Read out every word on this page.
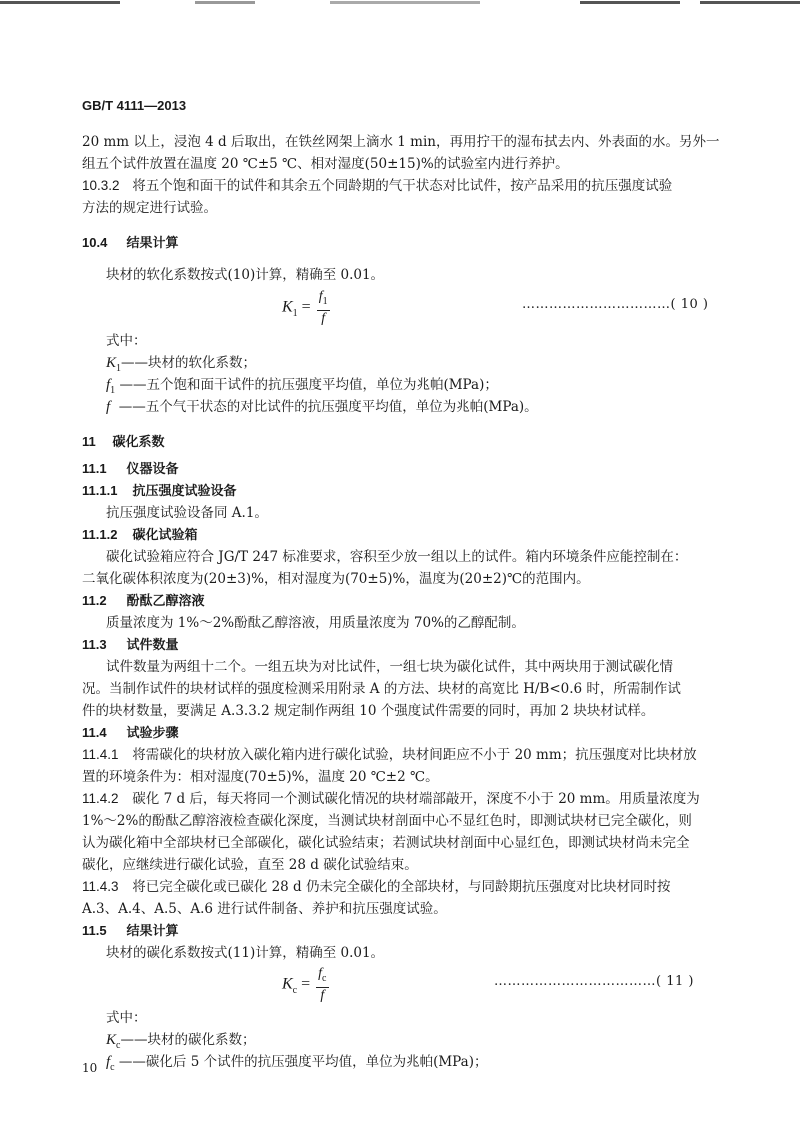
GB/T 4111—2013
20 mm 以上，浸泡 4 d 后取出，在铁丝网架上滴水 1 min，再用拧干的湿布拭去内、外表面的水。另外一
组五个试件放置在温度 20 ℃±5 ℃、相对湿度(50±15)%的试验室内进行养护。
10.3.2 将五个饱和面干的试件和其余五个同龄期的气干状态对比试件，按产品采用的抗压强度试验
方法的规定进行试验。
10.4 结果计算
块材的软化系数按式(10)计算，精确至 0.01。
$K_1 = \frac{f_1}{f}$	……………………………( 10 )
式中：
$K_1——$块材的软化系数；
$f_1$ ——五个饱和面干试件的抗压强度平均值，单位为兆帕(MPa)；
f  ——五个气干状态的对比试件的抗压强度平均值，单位为兆帕(MPa)。
11 碳化系数
11.1 仪器设备
11.1.1 抗压强度试验设备
抗压强度试验设备同 A.1。
11.1.2 碳化试验箱
碳化试验箱应符合 JG/T 247 标准要求，容积至少放一组以上的试件。箱内环境条件应能控制在：
二氧化碳体积浓度为(20±3)%，相对湿度为(70±5)%，温度为(20±2)℃的范围内。
11.2 酚酞乙醇溶液
质量浓度为 1%～2%酚酞乙醇溶液，用质量浓度为 70%的乙醇配制。
11.3 试件数量
试件数量为两组十二个。一组五块为对比试件，一组七块为碳化试件，其中两块用于测试碳化情
况。当制作试件的块材试样的强度检测采用附录 A 的方法、块材的高宽比 H/B<0.6 时，所需制作试
件的块材数量，要满足 A.3.3.2 规定制作两组 10 个强度试件需要的同时，再加 2 块块材试样。
11.4 试验步骤
11.4.1 将需碳化的块材放入碳化箱内进行碳化试验，块材间距应不小于 20 mm；抗压强度对比块材放
置的环境条件为：相对湿度(70±5)%，温度 20 ℃±2 ℃。
11.4.2 碳化 7 d 后，每天将同一个测试碳化情况的块材端部敲开，深度不小于 20 mm。用质量浓度为
1%～2%的酚酞乙醇溶液检查碳化深度，当测试块材剖面中心不显红色时，即测试块材已完全碳化，则
认为碳化箱中全部块材已全部碳化，碳化试验结束；若测试块材剖面中心显红色，即测试块材尚未完全
碳化，应继续进行碳化试验，直至 28 d 碳化试验结束。
11.4.3 将已完全碳化或已碳化 28 d 仍未完全碳化的全部块材，与同龄期抗压强度对比块材同时按
A.3、A.4、A.5、A.6 进行试件制备、养护和抗压强度试验。
11.5 结果计算
块材的碳化系数按式(11)计算，精确至 0.01。
$K_c = \frac{f_c}{f}$	………………………………( 11 )
式中：
$K_c——$块材的碳化系数；
$f_c$ ——碳化后 5 个试件的抗压强度平均值，单位为兆帕(MPa)；
10
